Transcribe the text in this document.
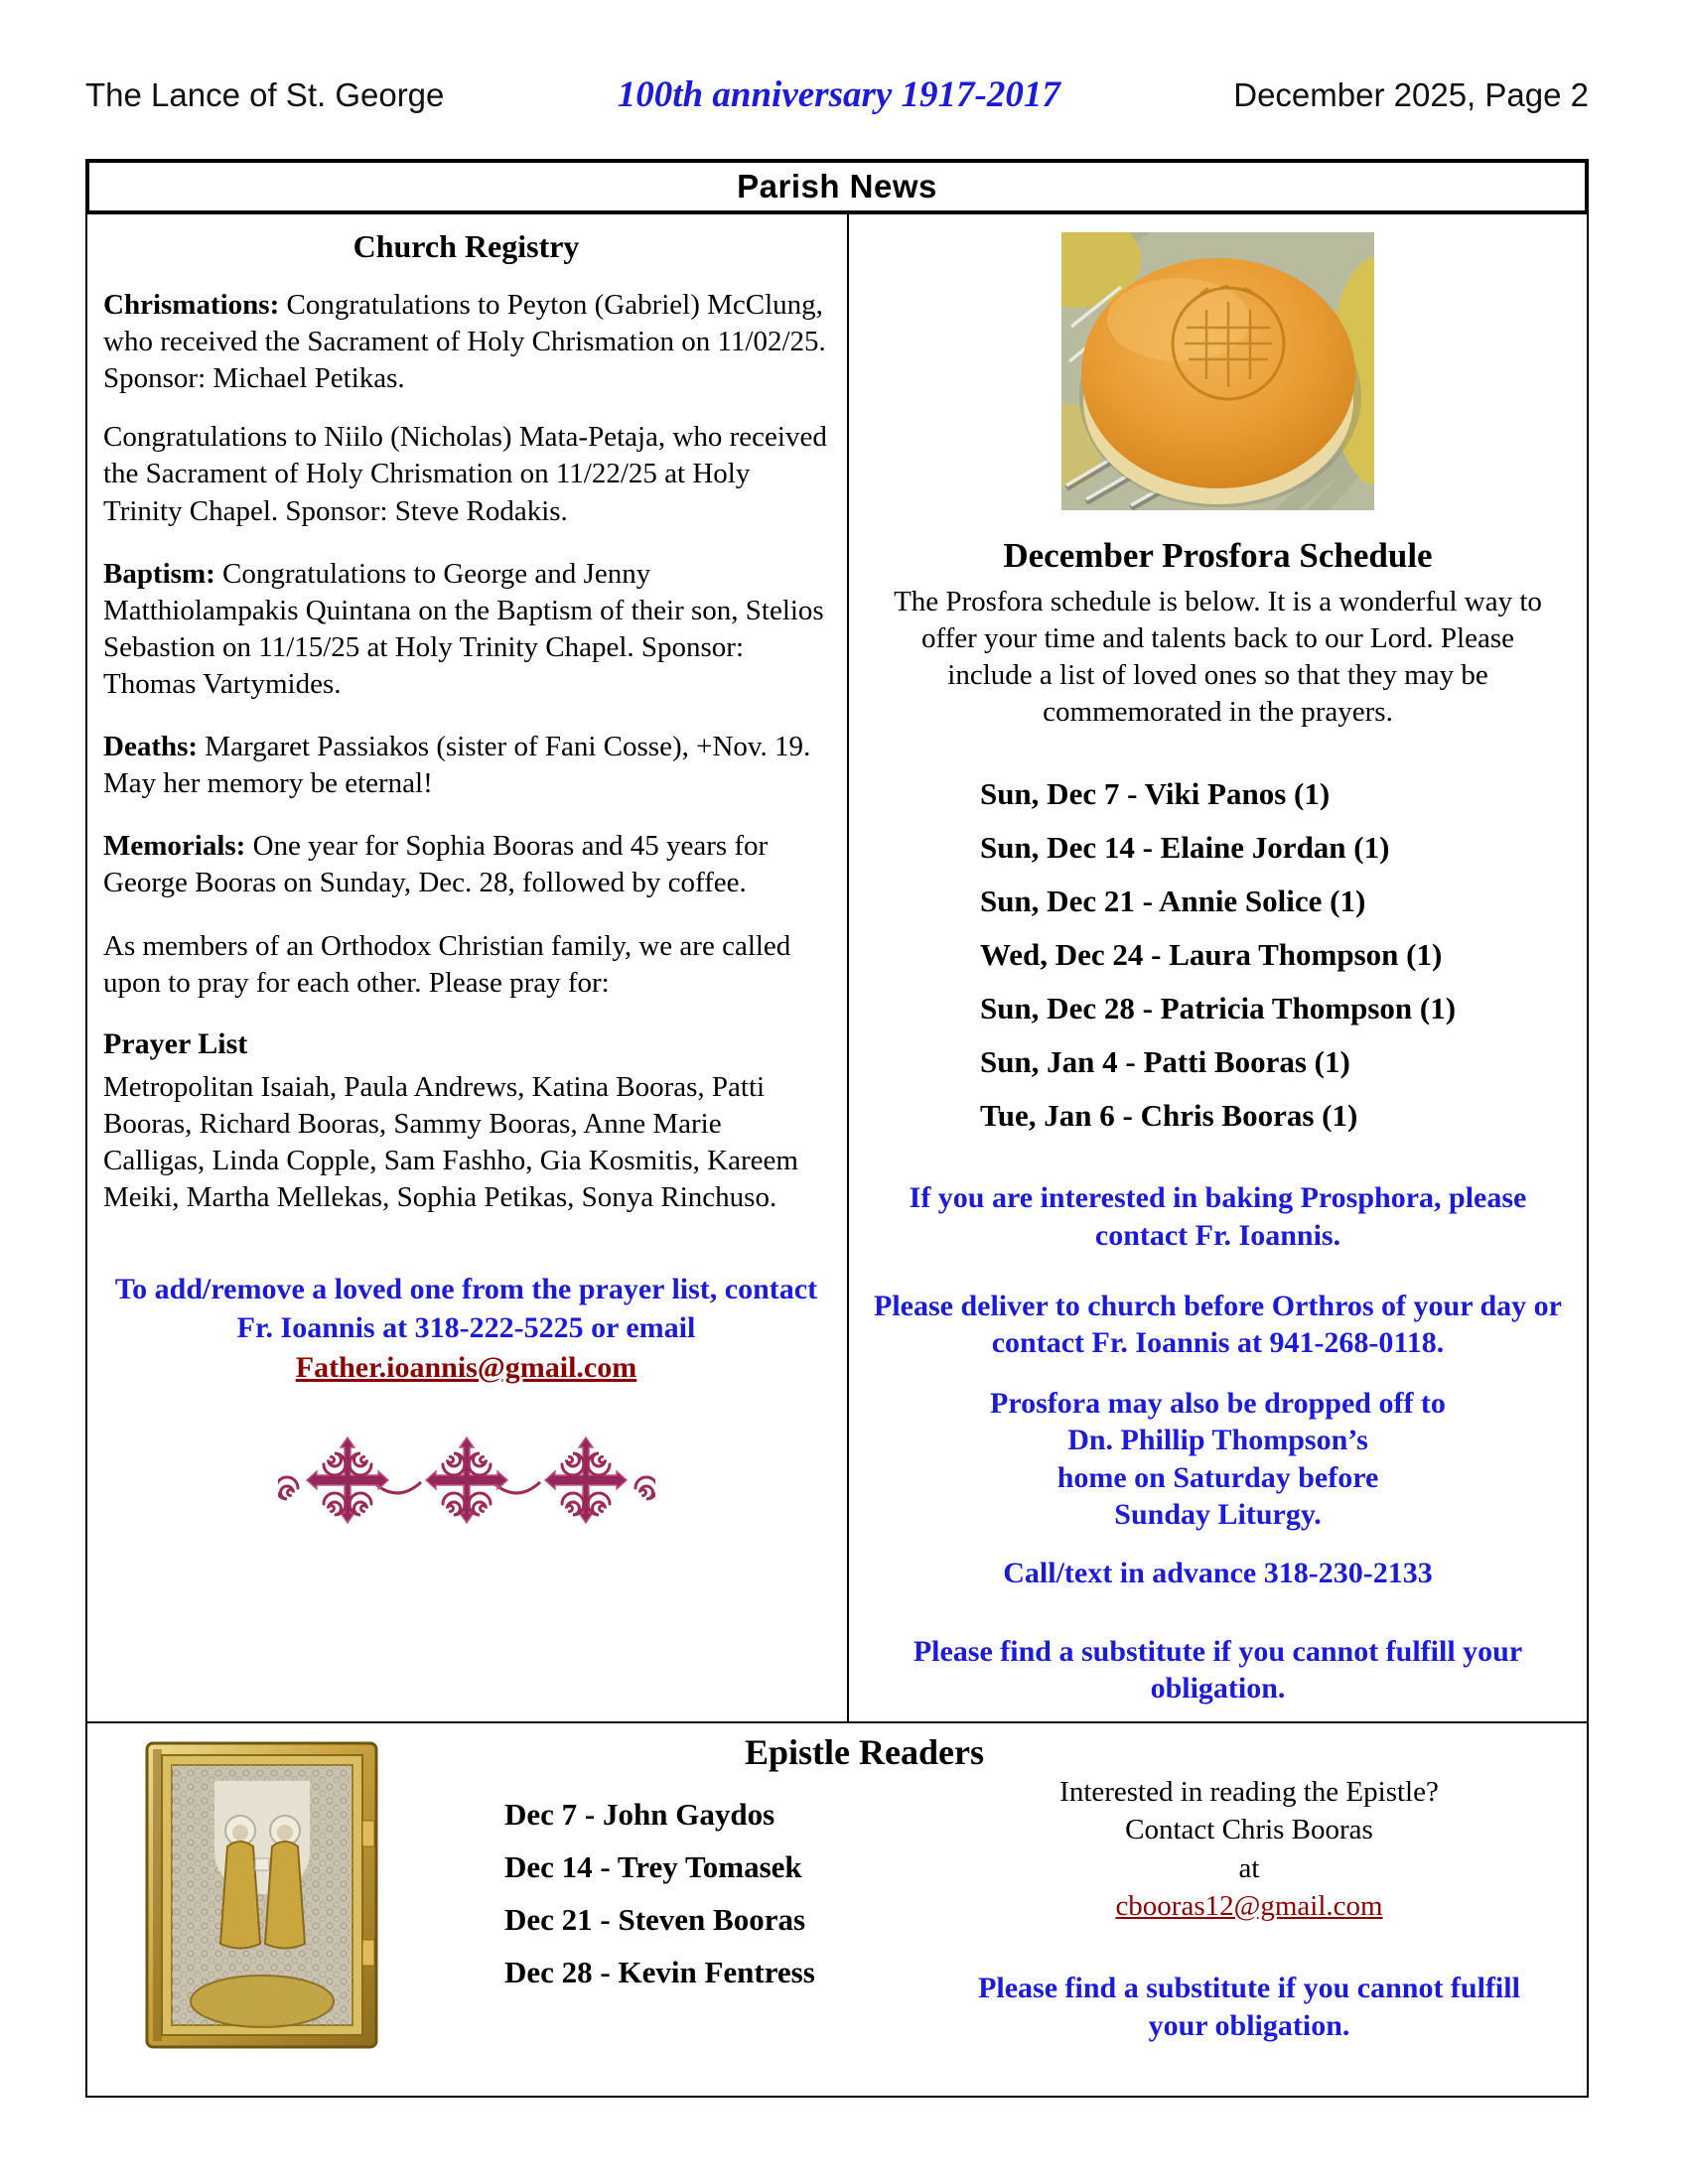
The Lance of St. George	100th anniversary 1917-2017	December 2025, Page 2
Parish News
Church Registry

Chrismations: Congratulations to Peyton (Gabriel) McClung, who received the Sacrament of Holy Chrismation on 11/02/25. Sponsor: Michael Petikas.

Congratulations to Niilo (Nicholas) Mata-Petaja, who received the Sacrament of Holy Chrismation on 11/22/25 at Holy Trinity Chapel. Sponsor: Steve Rodakis.

Baptism: Congratulations to George and Jenny Matthiolampakis Quintana on the Baptism of their son, Stelios Sebastion on 11/15/25 at Holy Trinity Chapel. Sponsor: Thomas Vartymides.

Deaths: Margaret Passiakos (sister of Fani Cosse), +Nov. 19. May her memory be eternal!

Memorials: One year for Sophia Booras and 45 years for George Booras on Sunday, Dec. 28, followed by coffee.

As members of an Orthodox Christian family, we are called upon to pray for each other. Please pray for:

Prayer List

Metropolitan Isaiah, Paula Andrews, Katina Booras, Patti Booras, Richard Booras, Sammy Booras, Anne Marie Calligas, Linda Copple, Sam Fashho, Gia Kosmitis, Kareem Meiki, Martha Mellekas, Sophia Petikas, Sonya Rinchuso.

To add/remove a loved one from the prayer list, contact Fr. Ioannis at 318-222-5225 or email
Father.ioannis@gmail.com
December Prosfora Schedule
The Prosfora schedule is below. It is a wonderful way to offer your time and talents back to our Lord. Please include a list of loved ones so that they may be commemorated in the prayers.
Sun, Dec 7 - Viki Panos (1)
Sun, Dec 14 - Elaine Jordan (1)
Sun, Dec 21 - Annie Solice (1)
Wed, Dec 24 - Laura Thompson (1)
Sun, Dec 28 - Patricia Thompson (1)
Sun, Jan 4 - Patti Booras (1)
Tue, Jan 6 - Chris Booras (1)
If you are interested in baking Prosphora, please contact Fr. Ioannis.
Please deliver to church before Orthros of your day or contact Fr. Ioannis at 941-268-0118.
Prosfora may also be dropped off to
Dn. Phillip Thompson’s
home on Saturday before
Sunday Liturgy.
Call/text in advance 318-230-2133
Please find a substitute if you cannot fulfill your obligation.
Epistle Readers
Dec 7 - John Gaydos
Dec 14 - Trey Tomasek
Dec 21 - Steven Booras
Dec 28 - Kevin Fentress
Interested in reading the Epistle?
Contact Chris Booras
at
cbooras12@gmail.com
Please find a substitute if you cannot fulfill your obligation.
